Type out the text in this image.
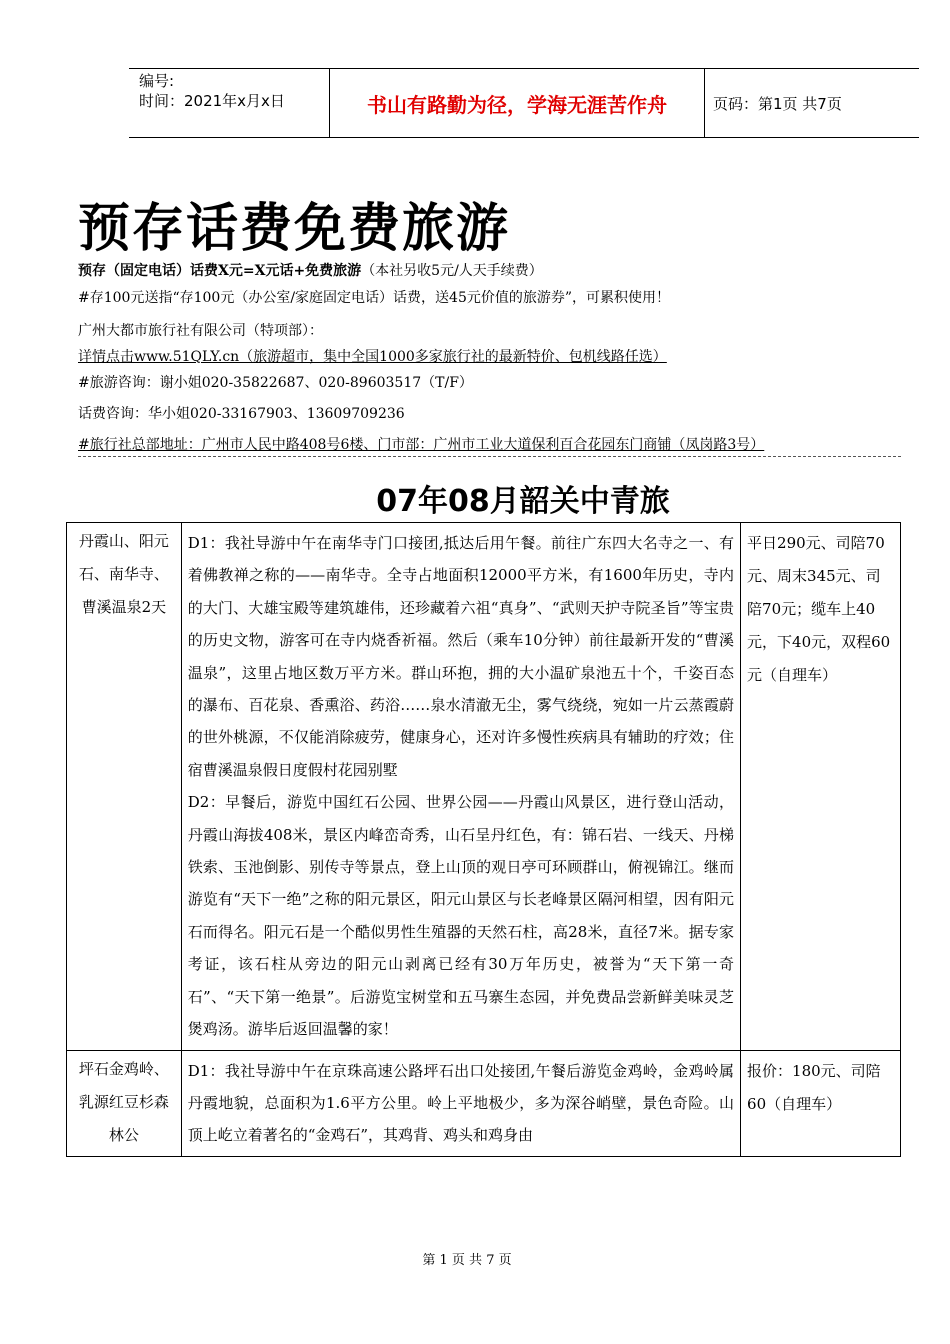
编号:
时间：2021年x月x日	书山有路勤为径，学海无涯苦作舟	页码：第1页 共7页
预存话费免费旅游
预存（固定电话）话费X元=X元话+免费旅游（本社另收5元/人天手续费）
#存100元送指“存100元（办公室/家庭固定电话）话费，送45元价值的旅游券”，可累积使用！
广州大都市旅行社有限公司（特项部）：
详情点击www.51QLY.cn（旅游超市，集中全国1000多家旅行社的最新特价、包机线路任选）
#旅游咨询：谢小姐020-35822687、020-89603517（T/F）
话费咨询：华小姐020-33167903、13609709236
#旅行社总部地址：广州市人民中路408号6楼、门市部：广州市工业大道保利百合花园东门商铺（凤岗路3号）
07年08月韶关中青旅
丹霞山、阳元石、南华寺、曹溪温泉2天	D1：我社导游中午在南华寺门口接团,抵达后用午餐。前往广东四大名寺之一、有着佛教禅之称的——南华寺。全寺占地面积12000平方米，有1600年历史，寺内的大门、大雄宝殿等建筑雄伟，还珍藏着六祖“真身”、“武则天护寺院圣旨”等宝贵的历史文物，游客可在寺内烧香祈福。然后（乘车10分钟）前往最新开发的“曹溪温泉”，这里占地区数万平方米。群山环抱，拥的大小温矿泉池五十个，千姿百态的瀑布、百花泉、香熏浴、药浴……泉水清澈无尘，雾气绕绕，宛如一片云蒸霞蔚的世外桃源，不仅能消除疲劳，健康身心，还对许多慢性疾病具有辅助的疗效；住宿曹溪温泉假日度假村花园别墅

D2：早餐后，游览中国红石公园、世界公园——丹霞山风景区，进行登山活动，丹霞山海拔408米，景区内峰峦奇秀，山石呈丹红色，有：锦石岩、一线天、丹梯铁索、玉池倒影、别传寺等景点，登上山顶的观日亭可环顾群山，俯视锦江。继而游览有“天下一绝”之称的阳元景区，阳元山景区与长老峰景区隔河相望，因有阳元石而得名。阳元石是一个酷似男性生殖器的天然石柱，高28米，直径7米。据专家考证，该石柱从旁边的阳元山剥离已经有30万年历史，被誉为“天下第一奇石”、“天下第一绝景”。后游览宝树堂和五马寨生态园，并免费品尝新鲜美味灵芝煲鸡汤。游毕后返回温馨的家！	平日290元、司陪70元、周末345元、司陪70元；缆车上40元，下40元，双程60元（自理车）

坪石金鸡岭、乳源红豆杉森林公	D1：我社导游中午在京珠高速公路坪石出口处接团,午餐后游览金鸡岭，金鸡岭属丹霞地貌，总面积为1.6平方公里。岭上平地极少，多为深谷峭壁，景色奇险。山顶上屹立着著名的“金鸡石”，其鸡背、鸡头和鸡身由	报价：180元、司陪60（自理车）
第 1 页 共 7 页
